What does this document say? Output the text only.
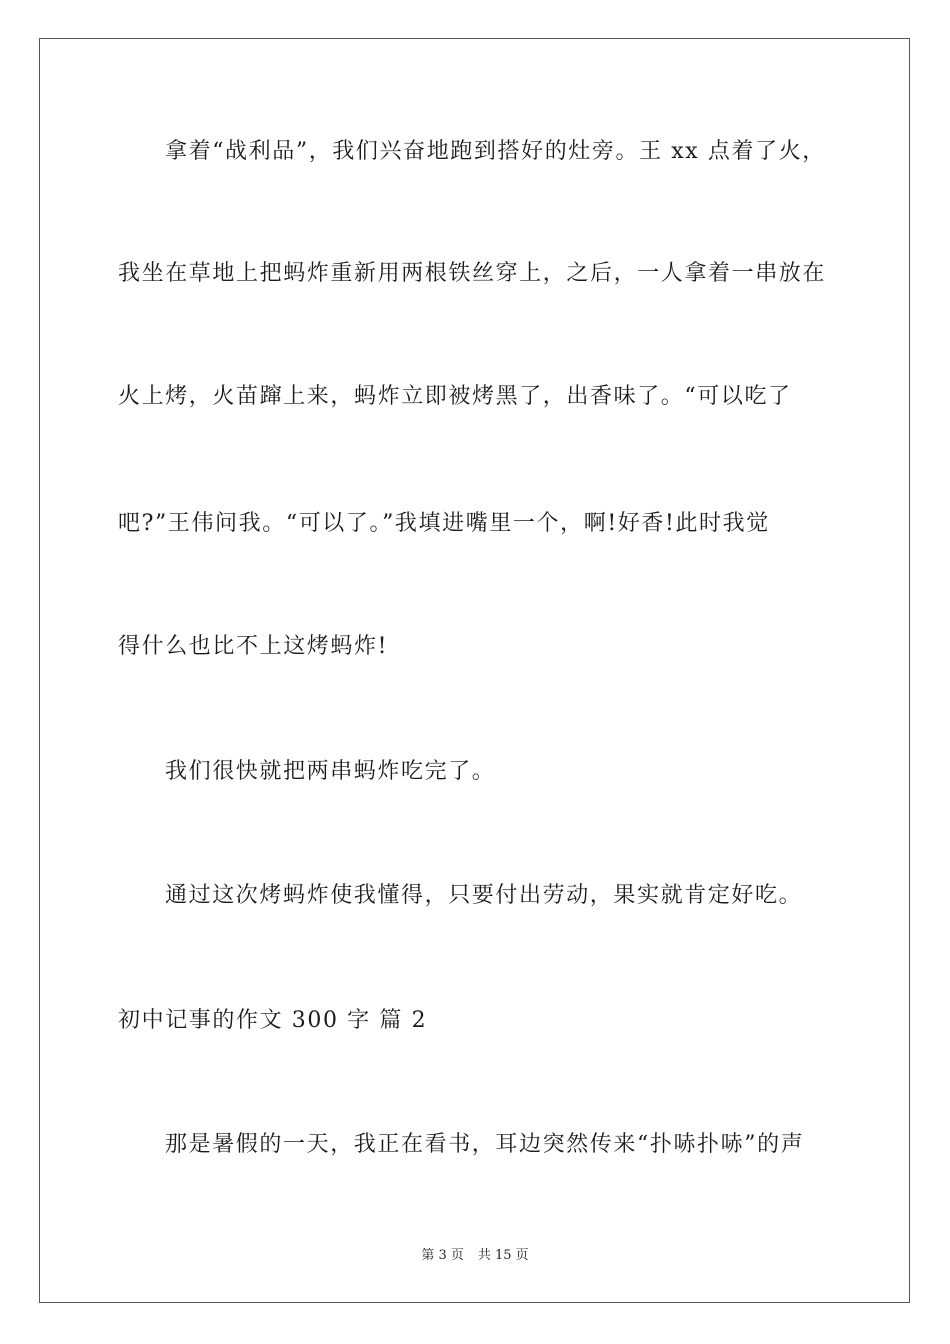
拿着“战利品”，我们兴奋地跑到搭好的灶旁。王 xx 点着了火，
我坐在草地上把蚂炸重新用两根铁丝穿上，之后，一人拿着一串放在
火上烤，火苗蹿上来，蚂炸立即被烤黑了，出香味了。“可以吃了
吧?”王伟问我。“可以了。”我填进嘴里一个，啊!好香!此时我觉
得什么也比不上这烤蚂炸!
我们很快就把两串蚂炸吃完了。
通过这次烤蚂炸使我懂得，只要付出劳动，果实就肯定好吃。
初中记事的作文 300 字 篇 2
那是暑假的一天，我正在看书，耳边突然传来“扑哧扑哧”的声
第 3 页 共 15 页
